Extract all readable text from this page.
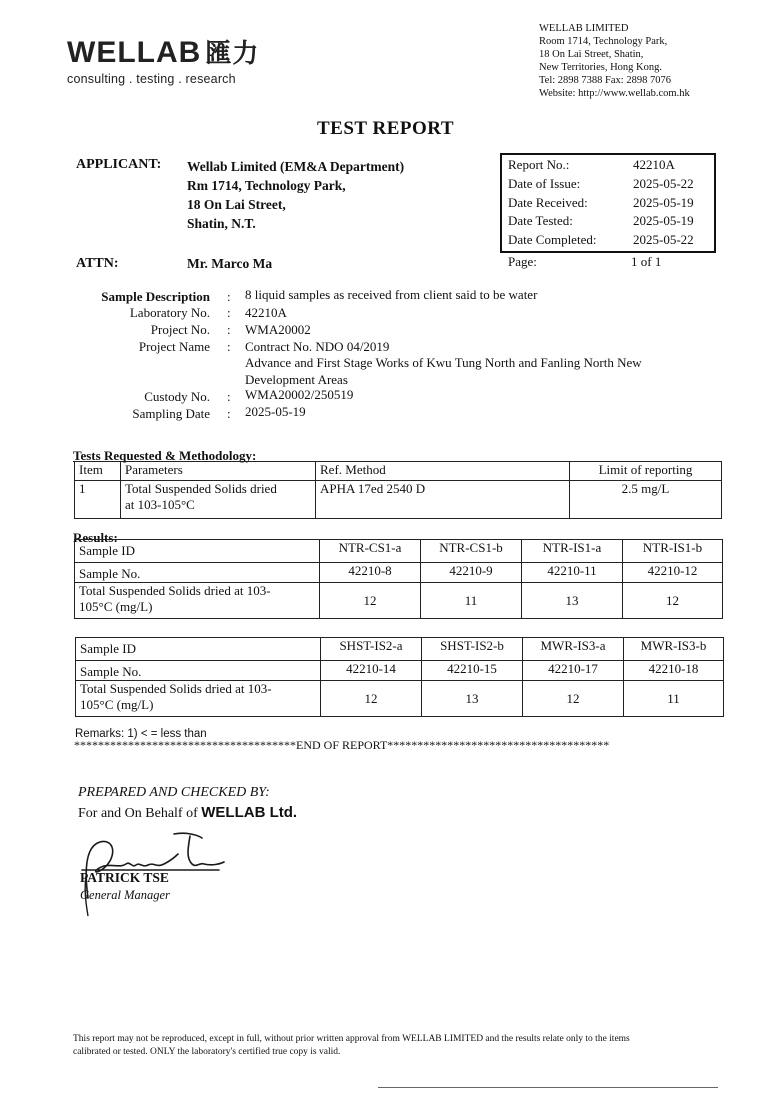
WELLAB 匯力
consulting . testing . research
WELLAB LIMITED
Room 1714, Technology Park,
18 On Lai Street, Shatin,
New Territories, Hong Kong.
Tel: 2898 7388 Fax: 2898 7076
Website: http://www.wellab.com.hk
TEST REPORT
APPLICANT: Wellab Limited (EM&A Department)
Rm 1714, Technology Park,
18 On Lai Street,
Shatin, N.T.
ATTN:	Mr. Marco Ma
Report No.:	42210A
Date of Issue:	2025-05-22
Date Received:	2025-05-19
Date Tested:	2025-05-19
Date Completed:	2025-05-22
Page:	1 of 1
Sample Description : 8 liquid samples as received from client said to be water
Laboratory No. : 42210A
Project No. : WMA20002
Project Name : Contract No. NDO 04/2019
Advance and First Stage Works of Kwu Tung North and Fanling North New
Development Areas
Custody No. : WMA20002/250519
Sampling Date : 2025-05-19
Tests Requested & Methodology:
Item	Parameters	Ref. Method	Limit of reporting
1	Total Suspended Solids dried
at 103-105°C	APHA 17ed 2540 D	2.5 mg/L
Results:
Sample ID	NTR-CS1-a	NTR-CS1-b	NTR-IS1-a	NTR-IS1-b
Sample No.	42210-8	42210-9	42210-11	42210-12

Total Suspended Solids dried at 103-
105°C (mg/L)	12	11	13	12
Sample ID	SHST-IS2-a	SHST-IS2-b	MWR-IS3-a	MWR-IS3-b
Sample No.	42210-14	42210-15	42210-17	42210-18

Total Suspended Solids dried at 103-
105°C (mg/L)	12	13	12	11
Remarks: 1) < = less than
*************************************END OF REPORT*************************************
PREPARED AND CHECKED BY:
For and On Behalf of WELLAB Ltd.
PATRICK TSE
General Manager
This report may not be reproduced, except in full, without prior written approval from WELLAB LIMITED and the results relate only to the items
calibrated or tested. ONLY the laboratory's certified true copy is valid.
